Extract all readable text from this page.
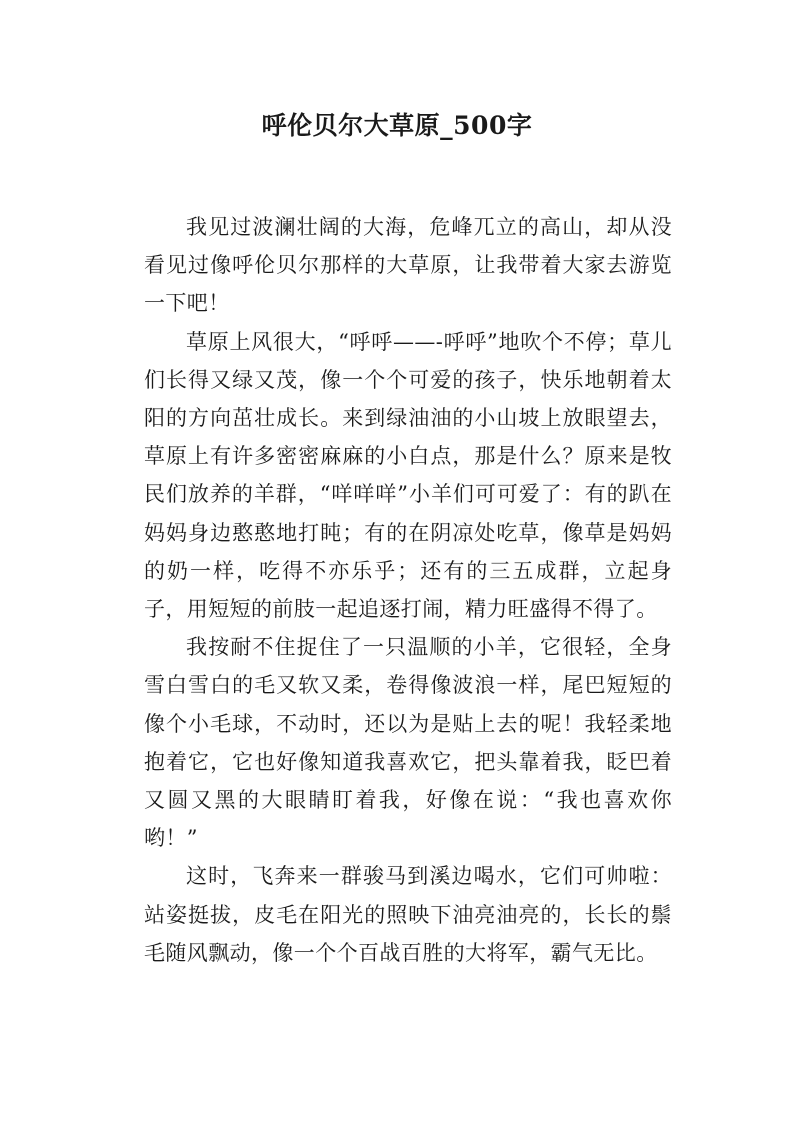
呼伦贝尔大草原_500字

我见过波澜壮阔的大海，危峰兀立的高山，却从没看见过像呼伦贝尔那样的大草原，让我带着大家去游览一下吧！

草原上风很大，“呼呼——-呼呼”地吹个不停；草儿们长得又绿又茂，像一个个可爱的孩子，快乐地朝着太阳的方向茁壮成长。来到绿油油的小山坡上放眼望去，草原上有许多密密麻麻的小白点，那是什么？原来是牧民们放养的羊群，“咩咩咩”小羊们可可爱了：有的趴在妈妈身边憨憨地打盹；有的在阴凉处吃草，像草是妈妈的奶一样，吃得不亦乐乎；还有的三五成群，立起身子，用短短的前肢一起追逐打闹，精力旺盛得不得了。

我按耐不住捉住了一只温顺的小羊，它很轻，全身雪白雪白的毛又软又柔，卷得像波浪一样，尾巴短短的像个小毛球，不动时，还以为是贴上去的呢！我轻柔地抱着它，它也好像知道我喜欢它，把头靠着我，眨巴着又圆又黑的大眼睛盯着我，好像在说：“我也喜欢你哟！”

这时，飞奔来一群骏马到溪边喝水，它们可帅啦：站姿挺拔，皮毛在阳光的照映下油亮油亮的，长长的鬃毛随风飘动，像一个个百战百胜的大将军，霸气无比。
